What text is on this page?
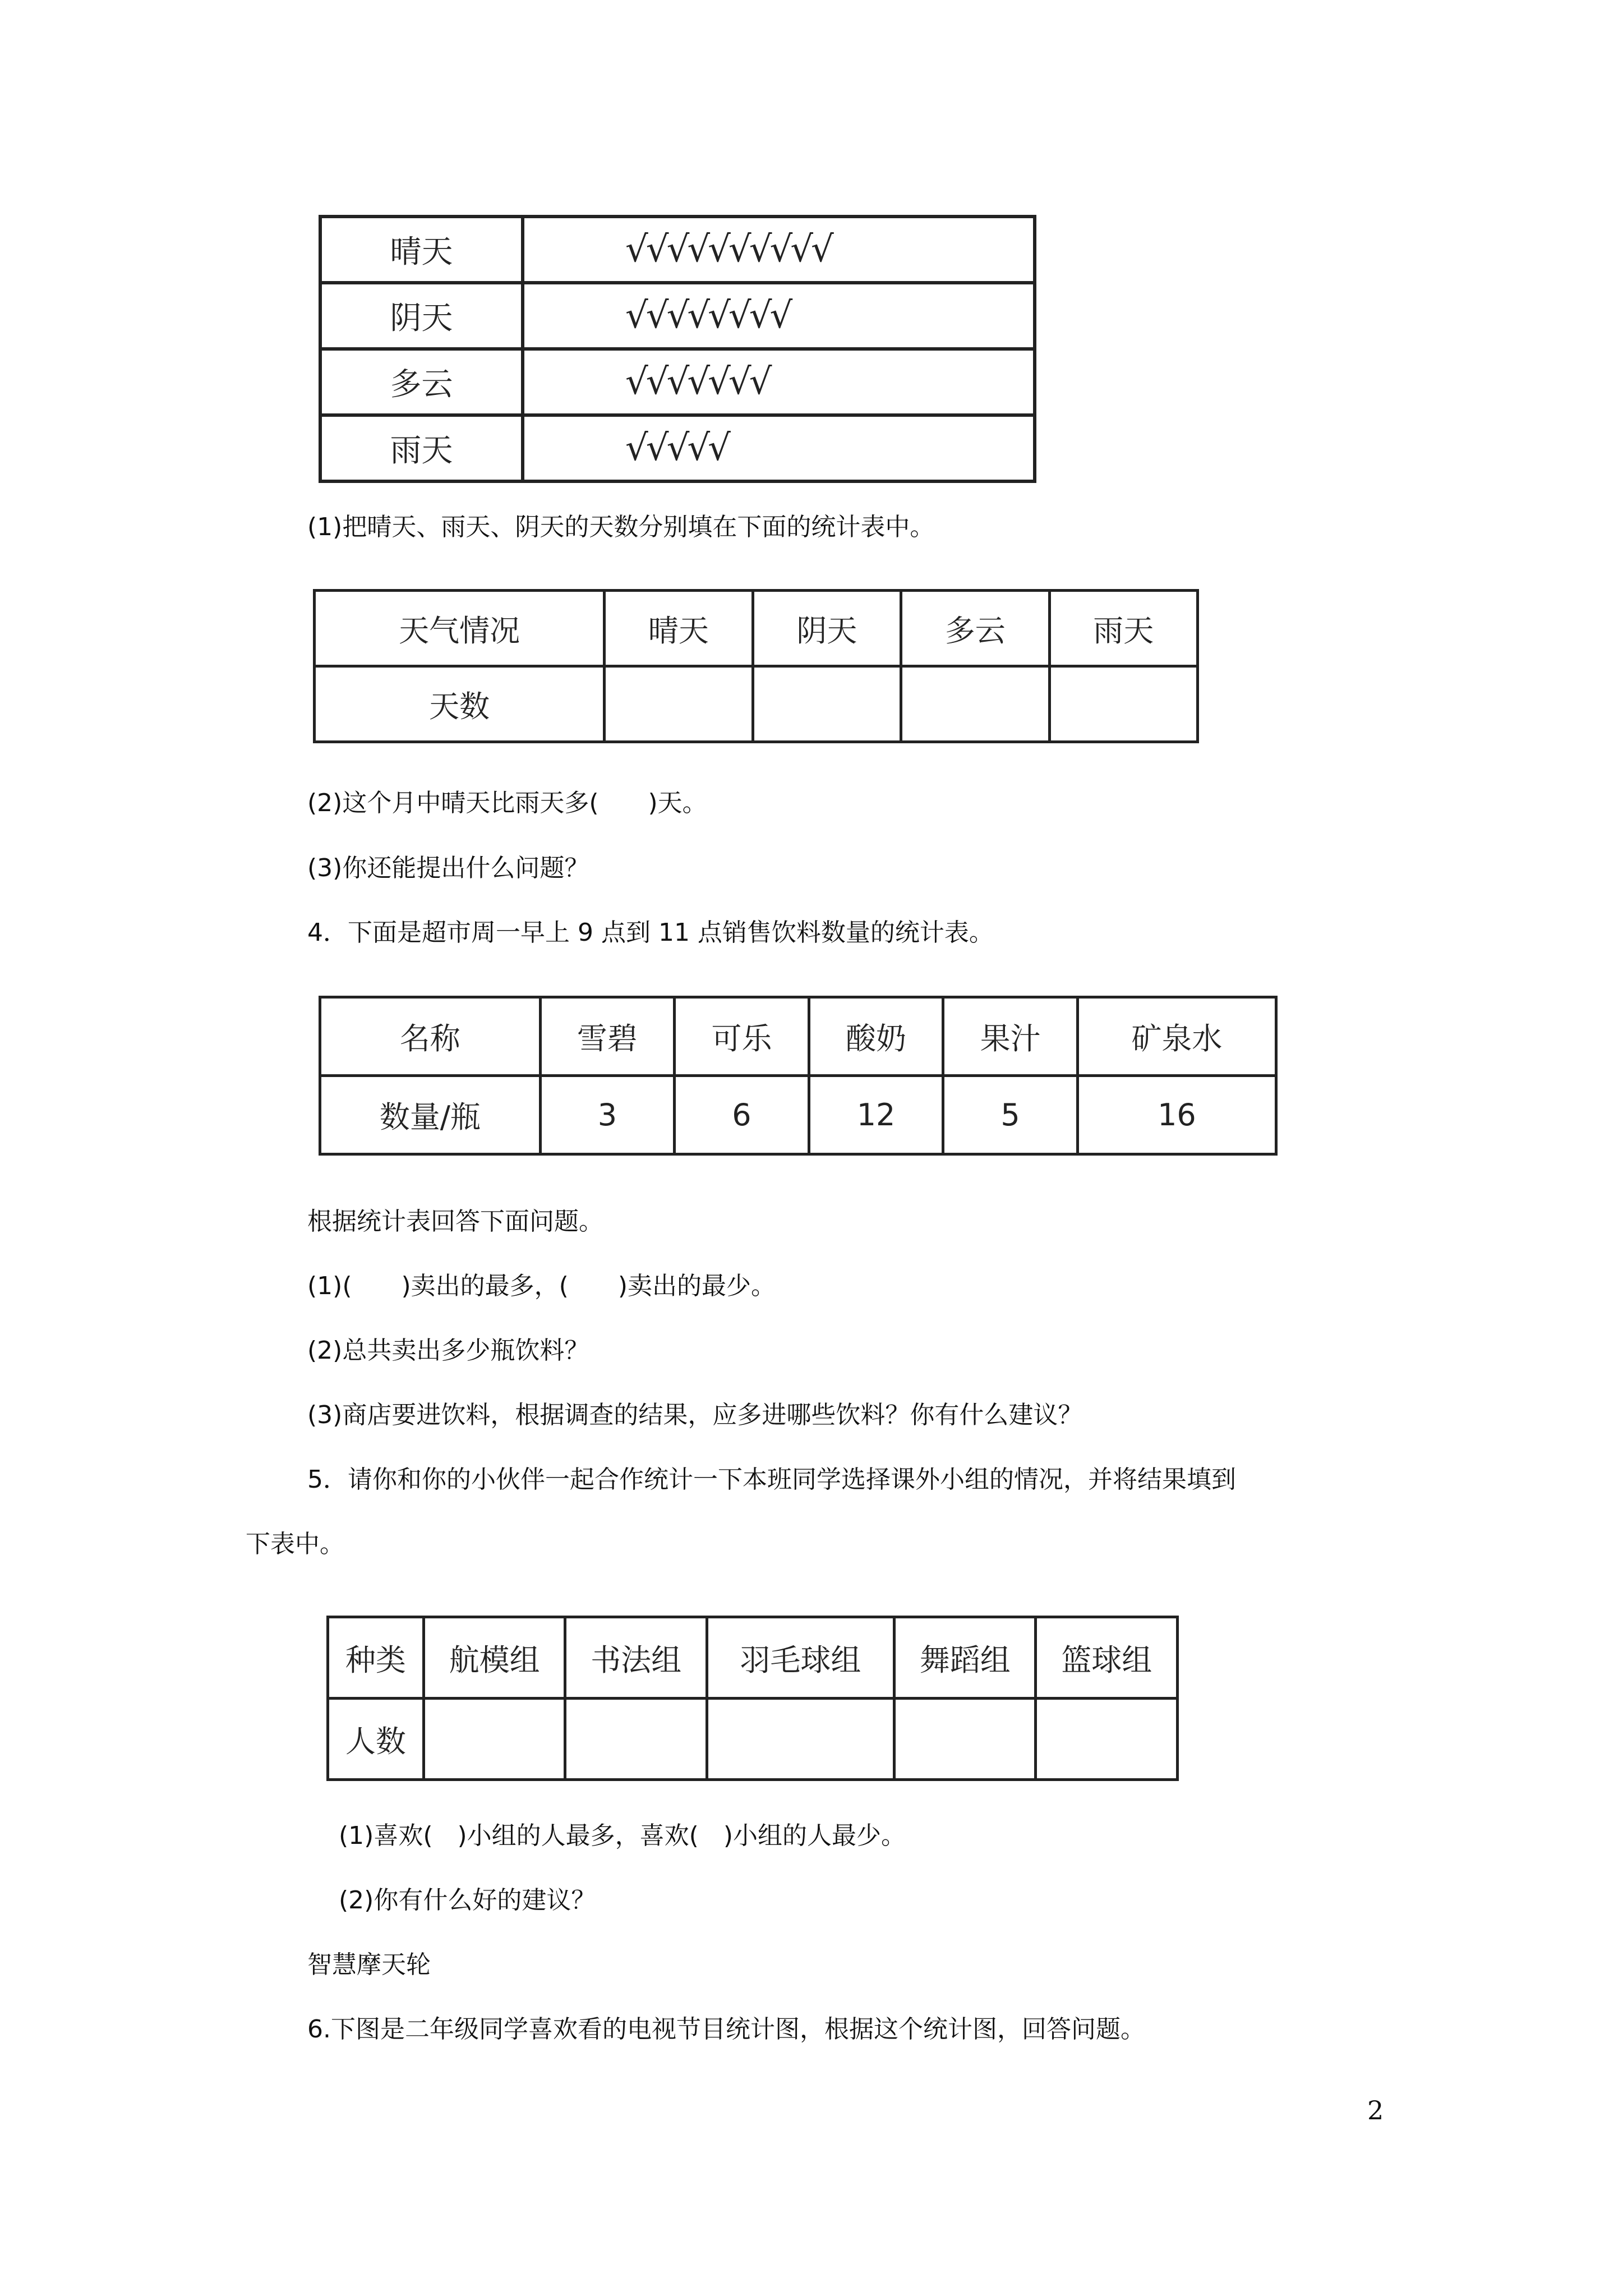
晴天	√√√√√√√√√√
阴天	√√√√√√√√
多云	√√√√√√√
雨天	√√√√√
(1)把晴天、雨天、阴天的天数分别填在下面的统计表中。
天气情况	晴天	阴天	多云	雨天
天数				
(2)这个月中晴天比雨天多(　　)天。
(3)你还能提出什么问题？
4．下面是超市周一早上 9 点到 11 点销售饮料数量的统计表。
名称	雪碧	可乐	酸奶	果汁	矿泉水
数量/瓶	3	6	12	5	16
根据统计表回答下面问题。
(1)(　　)卖出的最多，(　　)卖出的最少。
(2)总共卖出多少瓶饮料？
(3)商店要进饮料，根据调查的结果，应多进哪些饮料？你有什么建议？
5．请你和你的小伙伴一起合作统计一下本班同学选择课外小组的情况，并将结果填到
下表中。
种类	航模组	书法组	羽毛球组	舞蹈组	篮球组
人数					
(1)喜欢(　)小组的人最多，喜欢(　)小组的人最少。
(2)你有什么好的建议？
智慧摩天轮
6.下图是二年级同学喜欢看的电视节目统计图，根据这个统计图，回答问题。
2
